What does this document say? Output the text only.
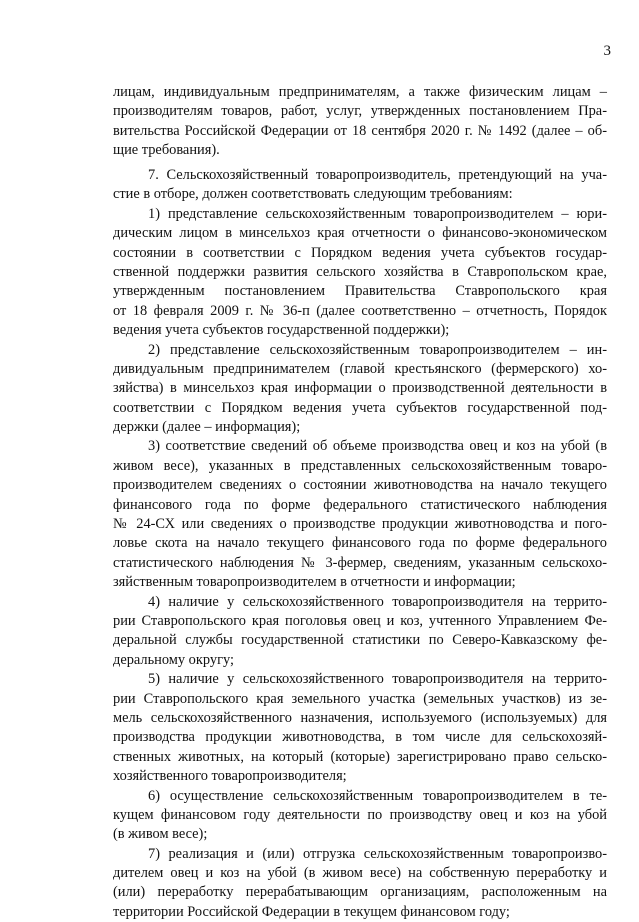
3
лицам, индивидуальным предпринимателям, а также физическим лицам –
производителям товаров, работ, услуг, утвержденных постановлением Пра-
вительства Российской Федерации от 18 сентября 2020 г. № 1492 (далее – об-
щие требования).
7. Сельскохозяйственный товаропроизводитель, претендующий на уча-
стие в отборе, должен соответствовать следующим требованиям:
1) представление сельскохозяйственным товаропроизводителем – юри-
дическим лицом в минсельхоз края отчетности о финансово-экономическом
состоянии в соответствии с Порядком ведения учета субъектов государ-
ственной поддержки развития сельского хозяйства в Ставропольском крае,
утвержденным постановлением Правительства Ставропольского края
от 18 февраля 2009 г. № 36-п (далее соответственно – отчетность, Порядок
ведения учета субъектов государственной поддержки);
2) представление сельскохозяйственным товаропроизводителем – ин-
дивидуальным предпринимателем (главой крестьянского (фермерского) хо-
зяйства) в минсельхоз края информации о производственной деятельности в
соответствии с Порядком ведения учета субъектов государственной под-
держки (далее – информация);
3) соответствие сведений об объеме производства овец и коз на убой (в
живом весе), указанных в представленных сельскохозяйственным товаро-
производителем сведениях о состоянии животноводства на начало текущего
финансового года по форме федерального статистического наблюдения
№ 24-СХ или сведениях о производстве продукции животноводства и пого-
ловье скота на начало текущего финансового года по форме федерального
статистического наблюдения № 3-фермер, сведениям, указанным сельскохо-
зяйственным товаропроизводителем в отчетности и информации;
4) наличие у сельскохозяйственного товаропроизводителя на террито-
рии Ставропольского края поголовья овец и коз, учтенного Управлением Фе-
деральной службы государственной статистики по Северо-Кавказскому фе-
деральному округу;
5) наличие у сельскохозяйственного товаропроизводителя на террито-
рии Ставропольского края земельного участка (земельных участков) из зе-
мель сельскохозяйственного назначения, используемого (используемых) для
производства продукции животноводства, в том числе для сельскохозяй-
ственных животных, на который (которые) зарегистрировано право сельско-
хозяйственного товаропроизводителя;
6) осуществление сельскохозяйственным товаропроизводителем в те-
кущем финансовом году деятельности по производству овец и коз на убой
(в живом весе);
7) реализация и (или) отгрузка сельскохозяйственным товаропроизво-
дителем овец и коз на убой (в живом весе) на собственную переработку и
(или) переработку перерабатывающим организациям, расположенным на
территории Российской Федерации в текущем финансовом году;
